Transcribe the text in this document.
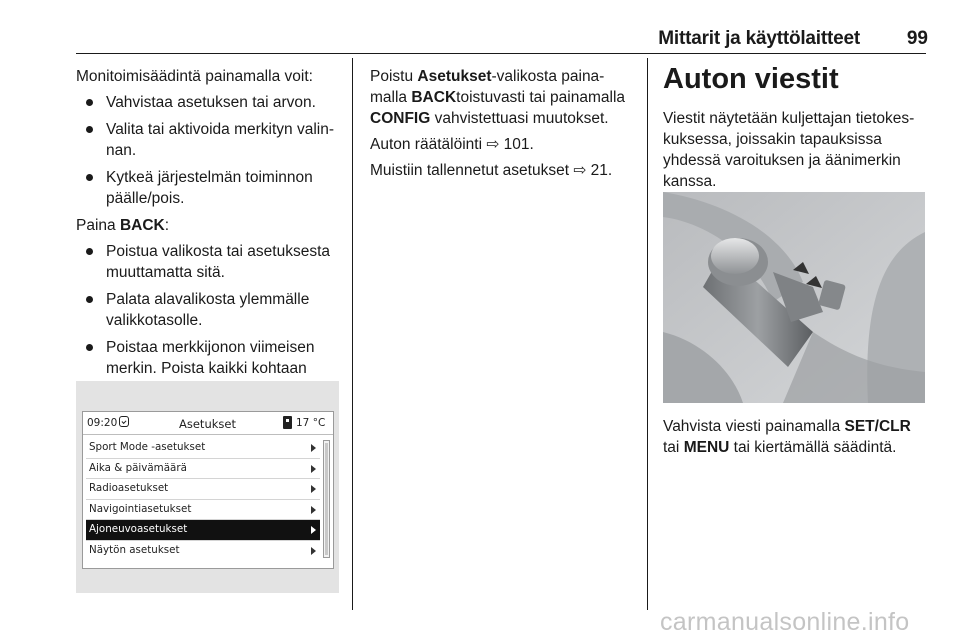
Mittarit ja käyttölaitteet	99

Monitoimisäädintä painamalla voit:

Vahvistaa asetuksen tai arvon.
Valita tai aktivoida merkityn valin-
nan.
Kytkeä järjestelmän toiminnon
päälle/pois.

Paina BACK:

Poistua valikosta tai asetuksesta
muuttamatta sitä.
Palata alavalikosta ylemmälle
valikkotasolle.
Poistaa merkkijonon viimeisen
merkin. Poista kaikki kohtaan

09:20	Asetukset	17 °C
Sport Mode -asetukset
Aika & päivämäärä
Radioasetukset
Navigointiasetukset
Ajoneuvoasetukset
Näytön asetukset

Poistu Asetukset-valikosta paina-
malla BACKtoistuvasti tai painamalla
CONFIG vahvistettuasi muutokset.

Auton räätälöinti ⇨ 101.

Muistiin tallennetut asetukset ⇨ 21.

Auton viestit

Viestit näytetään kuljettajan tietokes-
kuksessa, joissakin tapauksissa
yhdessä varoituksen ja äänimerkin
kanssa.

Vahvista viesti painamalla SET/CLR
tai MENU tai kiertämällä säädintä.

carmanualsonline.info
